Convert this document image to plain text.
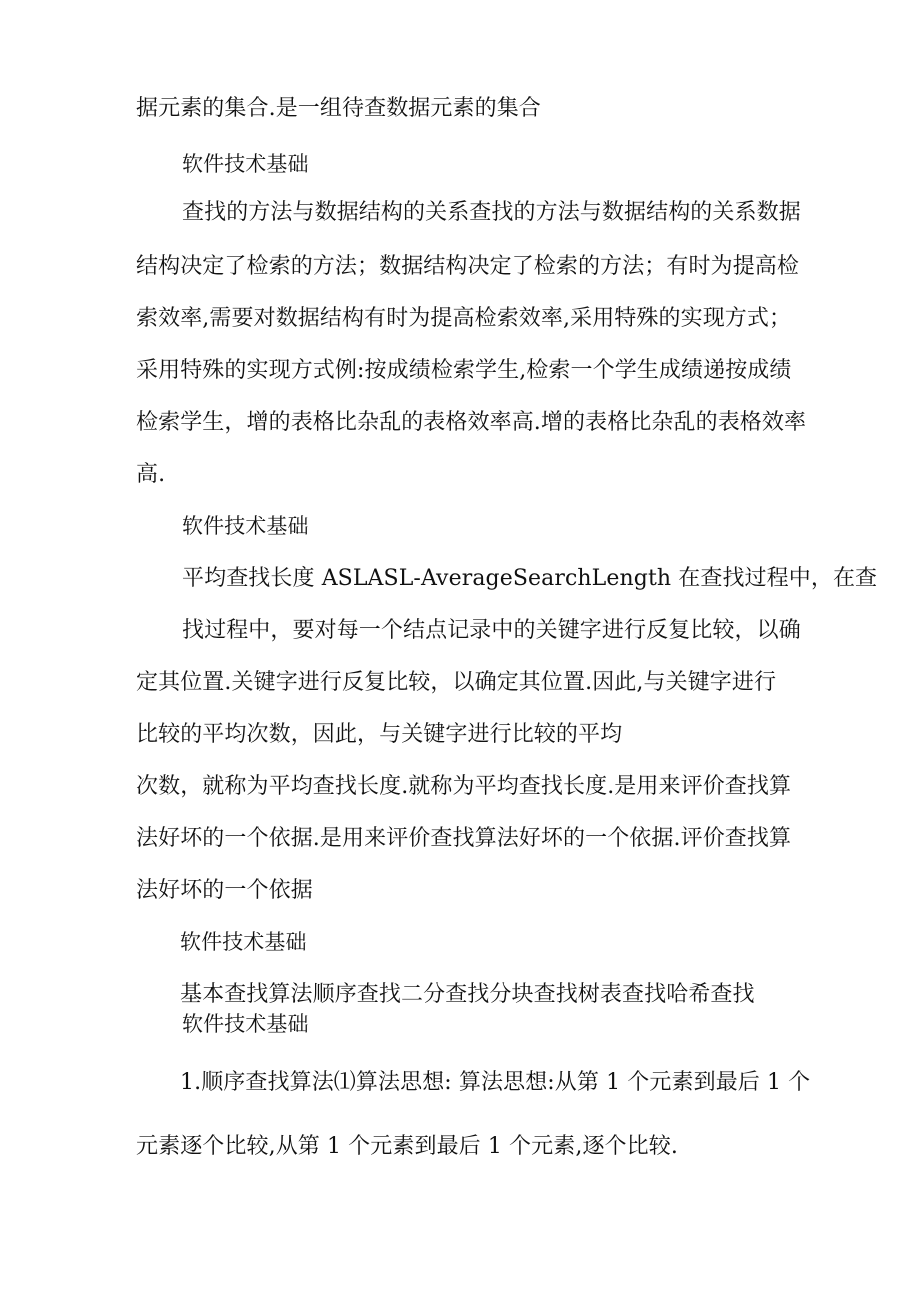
据元素的集合.是一组待查数据元素的集合
软件技术基础
查找的方法与数据结构的关系查找的方法与数据结构的关系数据
结构决定了检索的方法；数据结构决定了检索的方法；有时为提高检
索效率,需要对数据结构有时为提高检索效率,采用特殊的实现方式；
采用特殊的实现方式例:按成绩检索学生,检索一个学生成绩递按成绩
检索学生，增的表格比杂乱的表格效率高.增的表格比杂乱的表格效率
高.
软件技术基础
平均查找长度 ASLASL-AverageSearchLength 在查找过程中，在查
找过程中，要对每一个结点记录中的关键字进行反复比较，以确
定其位置.关键字进行反复比较，以确定其位置.因此,与关键字进行
比较的平均次数，因此，与关键字进行比较的平均
次数，就称为平均查找长度.就称为平均查找长度.是用来评价查找算
法好坏的一个依据.是用来评价查找算法好坏的一个依据.评价查找算
法好坏的一个依据
软件技术基础
基本查找算法顺序查找二分查找分块查找树表查找哈希查找
软件技术基础
1.顺序查找算法⑴算法思想: 算法思想:从第 1 个元素到最后 1 个
元素逐个比较,从第 1 个元素到最后 1 个元素,逐个比较.
